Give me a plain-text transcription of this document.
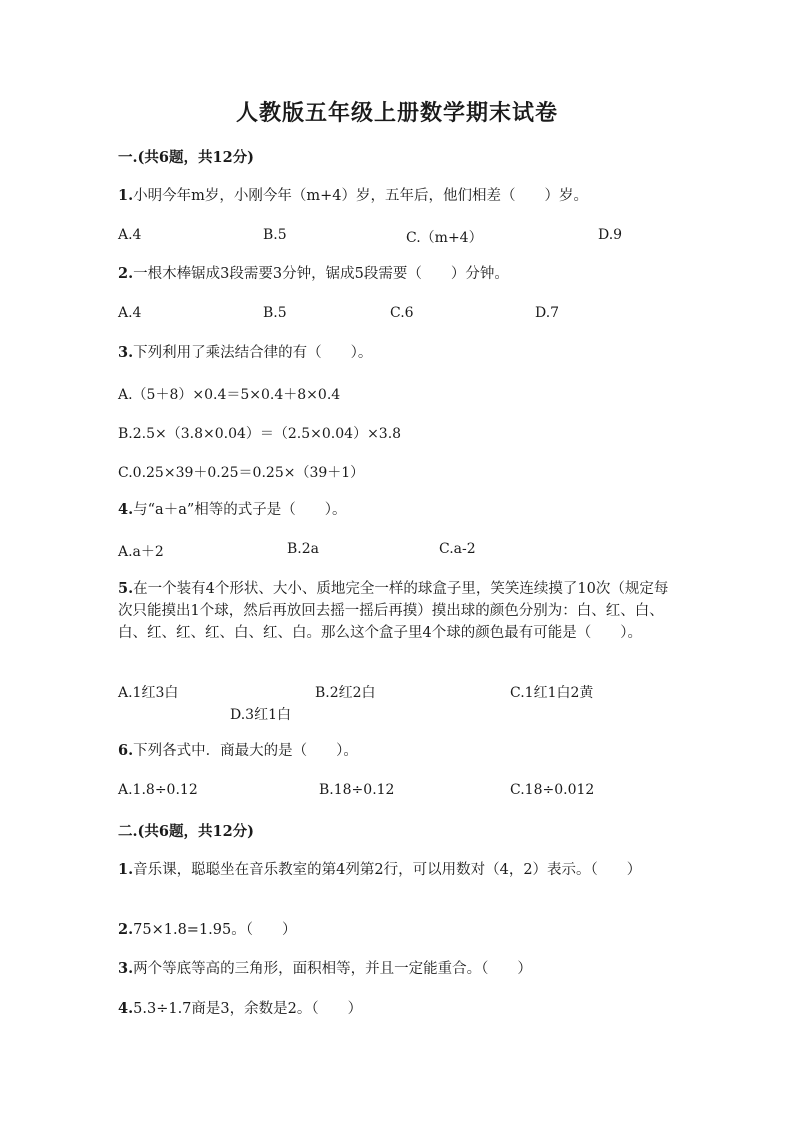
人教版五年级上册数学期末试卷
一.(共6题，共12分)
1.小明今年m岁，小刚今年（m+4）岁，五年后，他们相差（　　）岁。
A.4	B.5	C.（m+4）	D.9
2.一根木棒锯成3段需要3分钟，锯成5段需要（　　）分钟。
A.4	B.5	C.6	D.7
3.下列利用了乘法结合律的有（　　）。
A.（5＋8）×0.4＝5×0.4＋8×0.4
B.2.5×（3.8×0.04）＝（2.5×0.04）×3.8
C.0.25×39＋0.25＝0.25×（39＋1）
4.与“a＋a”相等的式子是（　　）。
A.a＋2	B.2a	C.a-2
5.在一个装有4个形状、大小、质地完全一样的球盒子里，笑笑连续摸了10次（规定每次只能摸出1个球，然后再放回去摇一摇后再摸）摸出球的颜色分别为：白、红、白、白、红、红、红、白、红、白。那么这个盒子里4个球的颜色最有可能是（　　）。
A.1红3白	B.2红2白	C.1红1白2黄
D.3红1白
6.下列各式中．商最大的是（　　）。
A.1.8÷0.12	B.18÷0.12	C.18÷0.012
二.(共6题，共12分)
1.音乐课，聪聪坐在音乐教室的第4列第2行，可以用数对（4，2）表示。（　　）
2.75×1.8=1.95。（　　）
3.两个等底等高的三角形，面积相等，并且一定能重合。（　　）
4.5.3÷1.7商是3，余数是2。（　　）
